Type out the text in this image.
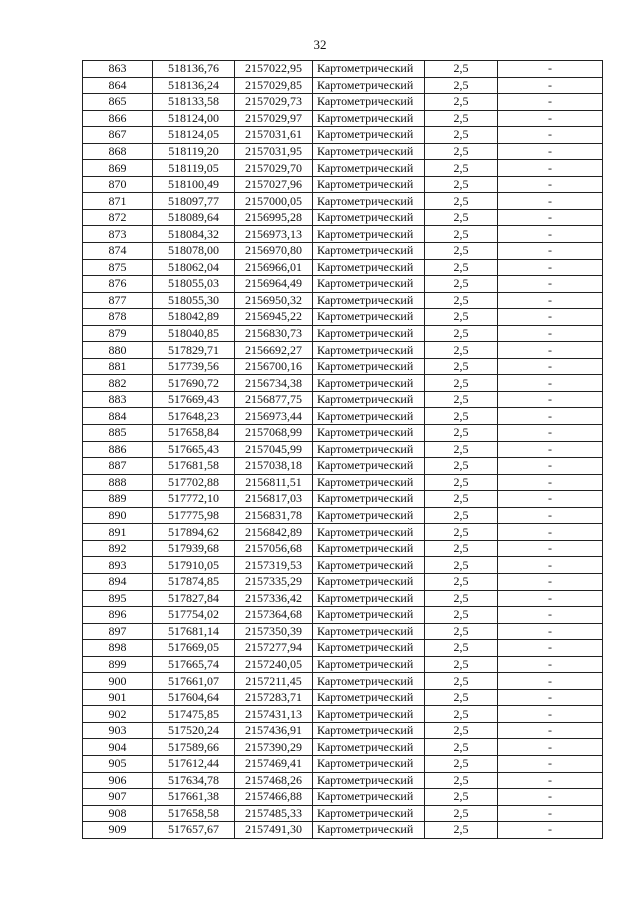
32
863	518136,76	2157022,95	Картометрический	2,5	-
864	518136,24	2157029,85	Картометрический	2,5	-
865	518133,58	2157029,73	Картометрический	2,5	-
866	518124,00	2157029,97	Картометрический	2,5	-
867	518124,05	2157031,61	Картометрический	2,5	-
868	518119,20	2157031,95	Картометрический	2,5	-
869	518119,05	2157029,70	Картометрический	2,5	-
870	518100,49	2157027,96	Картометрический	2,5	-
871	518097,77	2157000,05	Картометрический	2,5	-
872	518089,64	2156995,28	Картометрический	2,5	-
873	518084,32	2156973,13	Картометрический	2,5	-
874	518078,00	2156970,80	Картометрический	2,5	-
875	518062,04	2156966,01	Картометрический	2,5	-
876	518055,03	2156964,49	Картометрический	2,5	-
877	518055,30	2156950,32	Картометрический	2,5	-
878	518042,89	2156945,22	Картометрический	2,5	-
879	518040,85	2156830,73	Картометрический	2,5	-
880	517829,71	2156692,27	Картометрический	2,5	-
881	517739,56	2156700,16	Картометрический	2,5	-
882	517690,72	2156734,38	Картометрический	2,5	-
883	517669,43	2156877,75	Картометрический	2,5	-
884	517648,23	2156973,44	Картометрический	2,5	-
885	517658,84	2157068,99	Картометрический	2,5	-
886	517665,43	2157045,99	Картометрический	2,5	-
887	517681,58	2157038,18	Картометрический	2,5	-
888	517702,88	2156811,51	Картометрический	2,5	-
889	517772,10	2156817,03	Картометрический	2,5	-
890	517775,98	2156831,78	Картометрический	2,5	-
891	517894,62	2156842,89	Картометрический	2,5	-
892	517939,68	2157056,68	Картометрический	2,5	-
893	517910,05	2157319,53	Картометрический	2,5	-
894	517874,85	2157335,29	Картометрический	2,5	-
895	517827,84	2157336,42	Картометрический	2,5	-
896	517754,02	2157364,68	Картометрический	2,5	-
897	517681,14	2157350,39	Картометрический	2,5	-
898	517669,05	2157277,94	Картометрический	2,5	-
899	517665,74	2157240,05	Картометрический	2,5	-
900	517661,07	2157211,45	Картометрический	2,5	-
901	517604,64	2157283,71	Картометрический	2,5	-
902	517475,85	2157431,13	Картометрический	2,5	-
903	517520,24	2157436,91	Картометрический	2,5	-
904	517589,66	2157390,29	Картометрический	2,5	-
905	517612,44	2157469,41	Картометрический	2,5	-
906	517634,78	2157468,26	Картометрический	2,5	-
907	517661,38	2157466,88	Картометрический	2,5	-
908	517658,58	2157485,33	Картометрический	2,5	-
909	517657,67	2157491,30	Картометрический	2,5	-
